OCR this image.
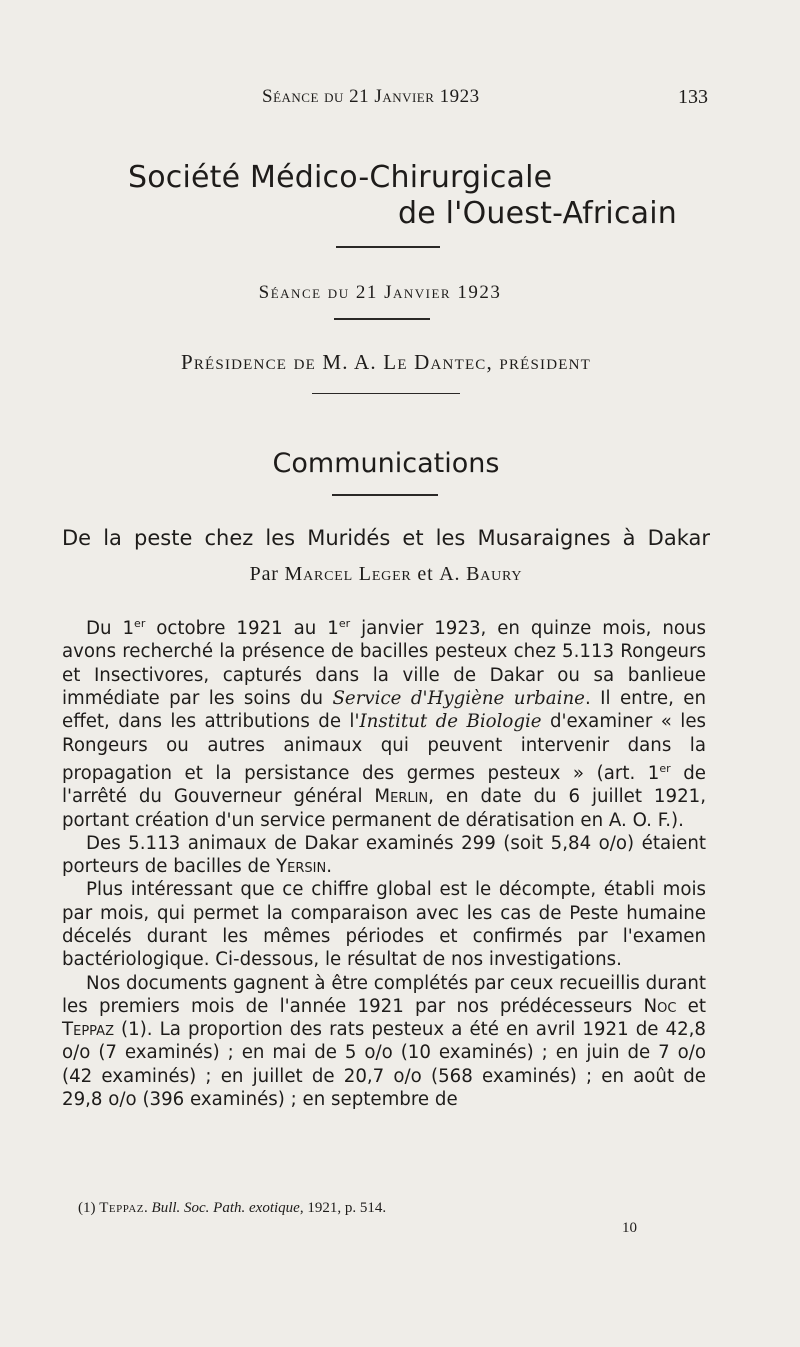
Séance du 21 Janvier 1923	133
Société Médico-Chirurgicale
de l'Ouest-Africain
Séance du 21 Janvier 1923
Présidence de M. A. Le Dantec, président
Communications
De la peste chez les Muridés et les Musaraignes à Dakar
Par Marcel Leger et A. Baury

Du 1er octobre 1921 au 1er janvier 1923, en quinze mois, nous avons recherché la présence de bacilles pesteux chez 5.113 Rongeurs et Insectivores, capturés dans la ville de Dakar ou sa banlieue immédiate par les soins du Service d'Hygiène urbaine. Il entre, en effet, dans les attributions de l'Institut de Biologie d'examiner « les Rongeurs ou autres animaux qui peuvent intervenir dans la propagation et la persistance des germes pesteux » (art. 1er de l'arrêté du Gouverneur général Merlin, en date du 6 juillet 1921, portant création d'un service permanent de dératisation en A. O. F.).

Des 5.113 animaux de Dakar examinés 299 (soit 5,84 o/o) étaient porteurs de bacilles de Yersin.

Plus intéressant que ce chiffre global est le décompte, établi mois par mois, qui permet la comparaison avec les cas de Peste humaine décelés durant les mêmes périodes et confirmés par l'examen bactériologique. Ci-dessous, le résultat de nos investigations.

Nos documents gagnent à être complétés par ceux recueillis durant les premiers mois de l'année 1921 par nos prédécesseurs Noc et Teppaz (1). La proportion des rats pesteux a été en avril 1921 de 42,8 o/o (7 examinés) ; en mai de 5 o/o (10 examinés) ; en juin de 7 o/o (42 examinés) ; en juillet de 20,7 o/o (568 examinés) ; en août de 29,8 o/o (396 examinés) ; en septembre de

(1) Teppaz. Bull. Soc. Path. exotique, 1921, p. 514.
10
